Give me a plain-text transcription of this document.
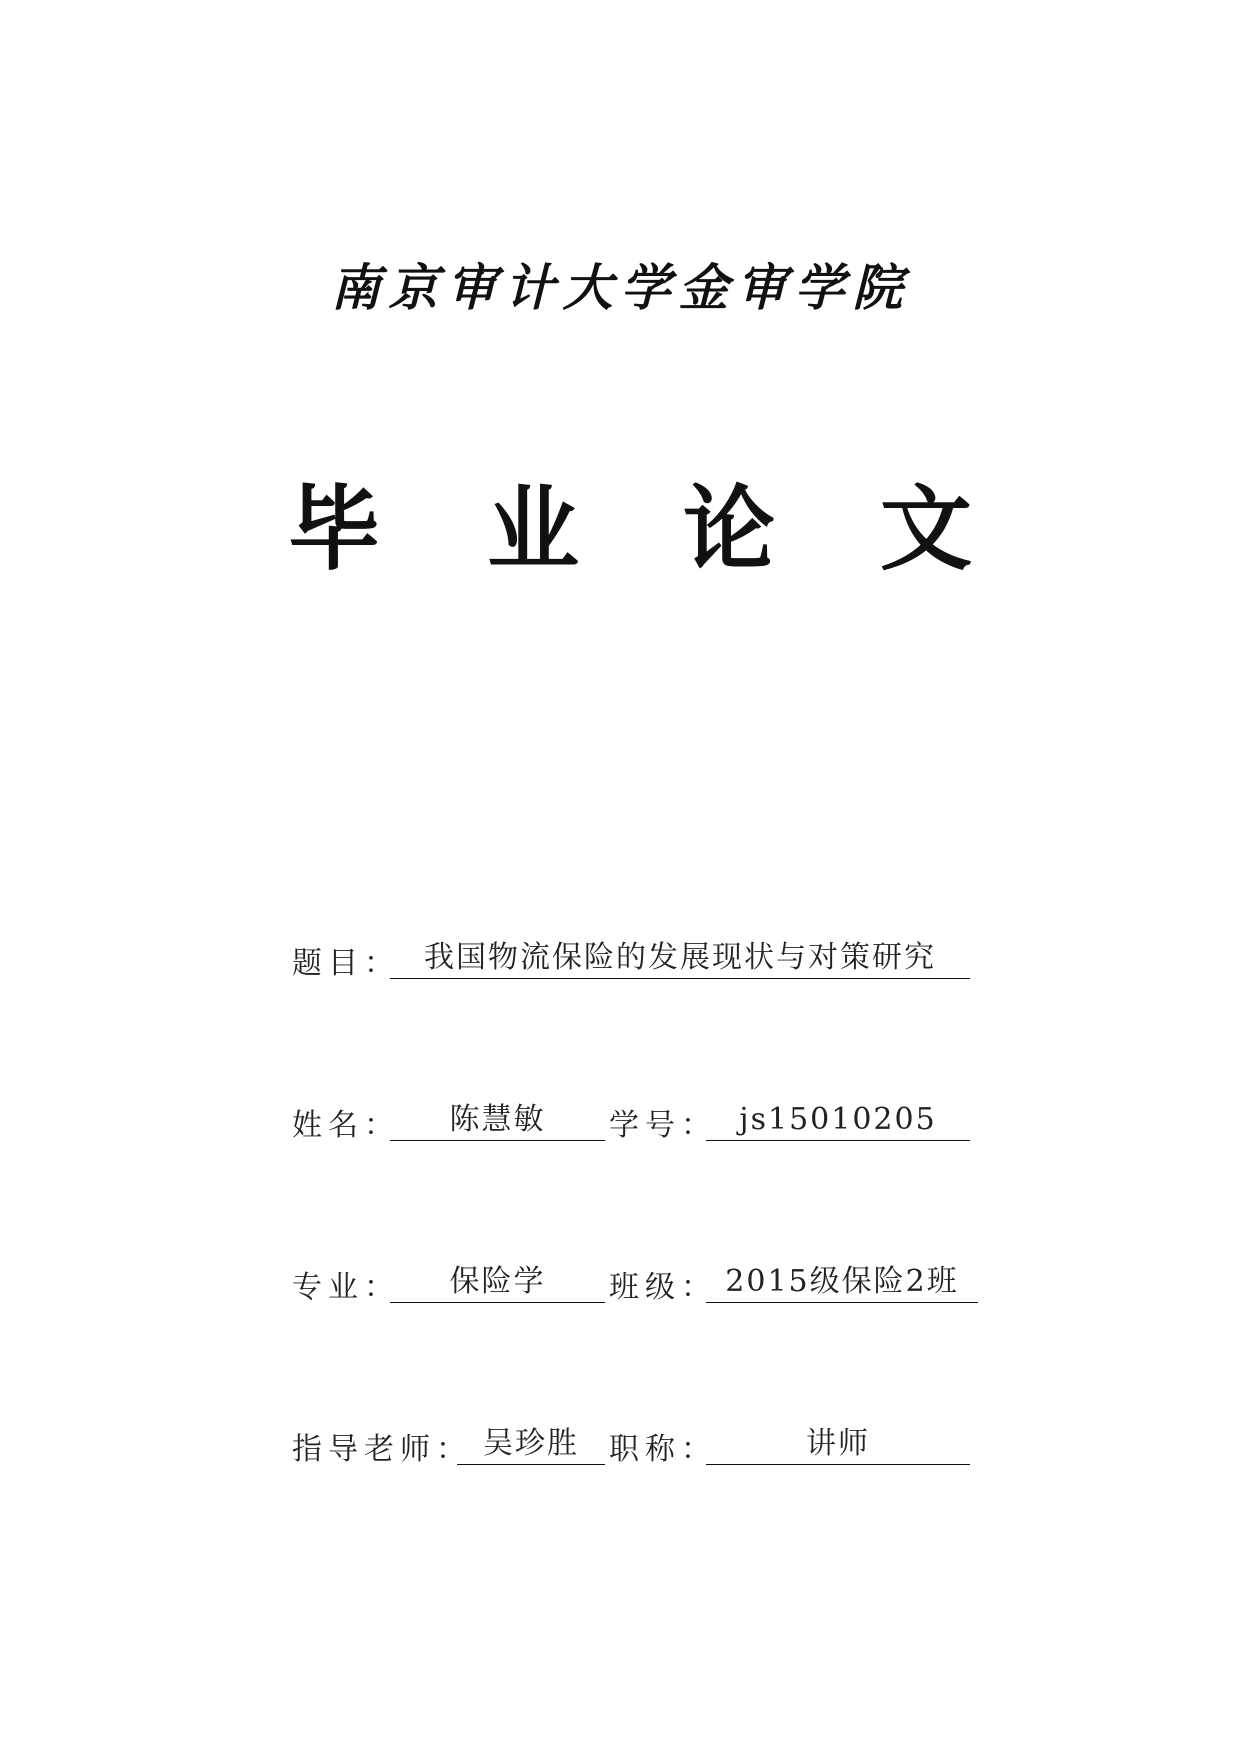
南京审计大学金审学院
毕 业 论 文
题目： 我国物流保险的发展现状与对策研究
姓名：	陈慧敏	学号： js15010205
专业：	保险学	班级： 2015级保险2班
指导老师： 吴珍胜	职称：	讲师
